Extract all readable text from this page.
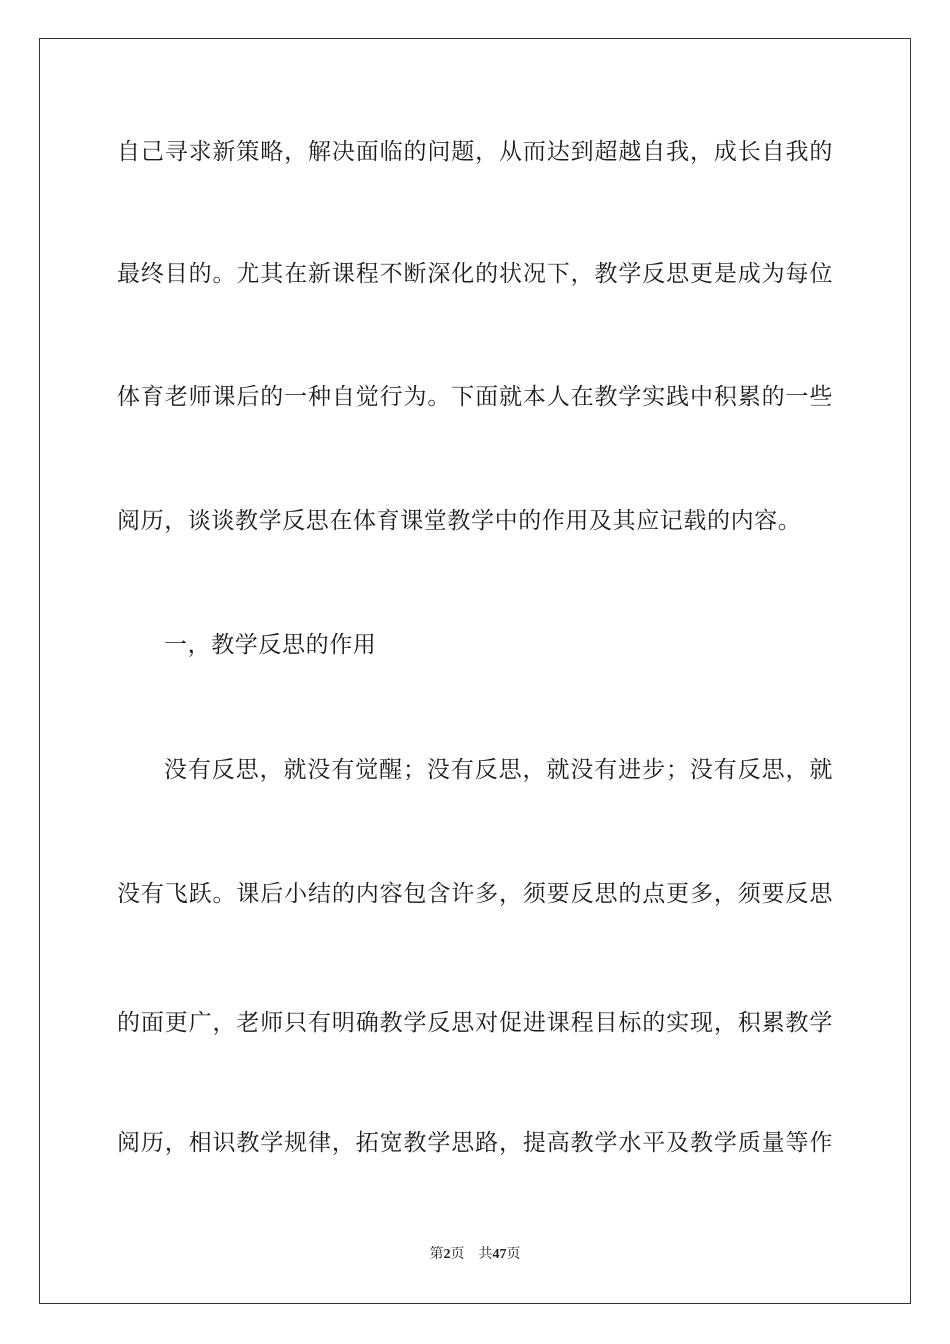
自己寻求新策略，解决面临的问题，从而达到超越自我，成长自我的
最终目的。尤其在新课程不断深化的状况下，教学反思更是成为每位
体育老师课后的一种自觉行为。下面就本人在教学实践中积累的一些
阅历，谈谈教学反思在体育课堂教学中的作用及其应记载的内容。
一，教学反思的作用
没有反思，就没有觉醒；没有反思，就没有进步；没有反思，就
没有飞跃。课后小结的内容包含许多，须要反思的点更多，须要反思
的面更广，老师只有明确教学反思对促进课程目标的实现，积累教学
阅历，相识教学规律，拓宽教学思路，提高教学水平及教学质量等作
第2页 共47页
